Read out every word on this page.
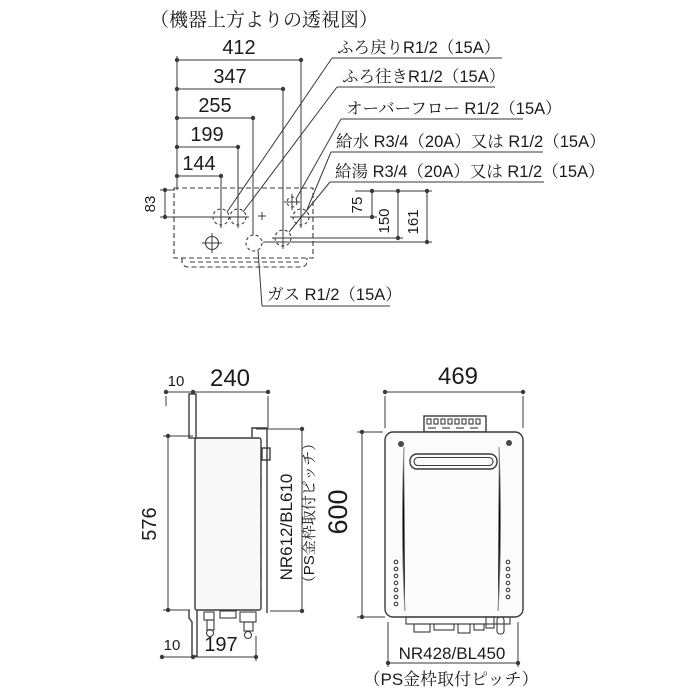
（機器上方よりの透視図）
412
347
255
199
144
83	75
150 161
ふろ戻りR1/2（15A）
ふろ往きR1/2（15A）
オーバーフロー R1/2（15A）
給水 R3/4（20A）又は R1/2（15A）
給湯 R3/4（20A）又は R1/2（15A）
ガス R1/2（15A）
10 240
576
10 197
NR612/BL610 （PS金枠取付ピッチ）
469
600
NR428/BL450
（PS金枠取付ピッチ）
